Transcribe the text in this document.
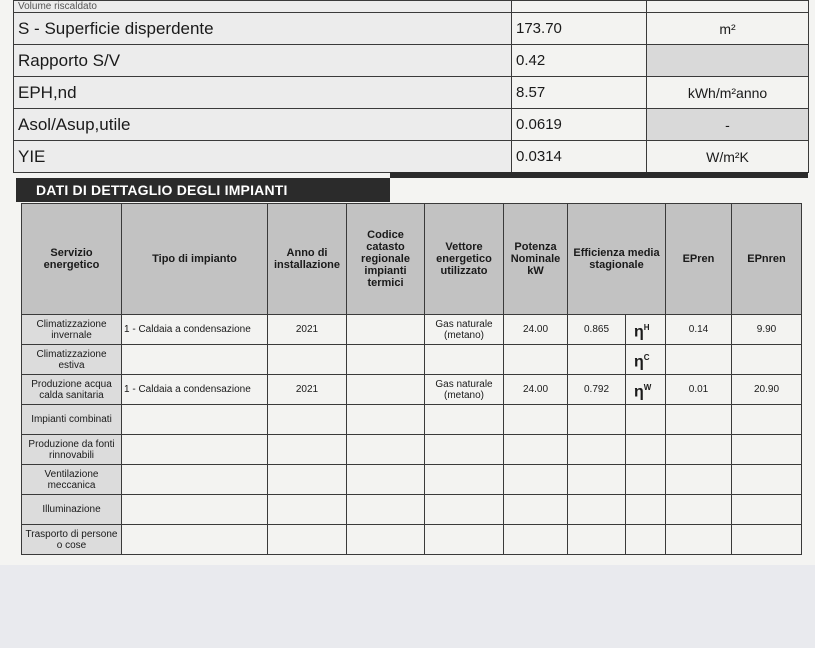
Volume riscaldato		
S - Superficie disperdente	173.70	m²
Rapporto S/V	0.42	
EPH,nd	8.57	kWh/m²anno
Asol/Asup,utile	0.0619	-
YIE	0.0314	W/m²K
DATI DI DETTAGLIO DEGLI IMPIANTI
Servizio energetico	Tipo di impianto	Anno di installazione	Codice catasto regionale impianti termici	Vettore energetico utilizzato	Potenza Nominale kW	Efficienza media stagionale		EPren	EPnren
Climatizzazione invernale	1 - Caldaia a condensazione	2021		Gas naturale (metano)	24.00	0.865	$\eta^H$	0.14	9.90
Climatizzazione estiva							$\eta^C$		
Produzione acqua calda sanitaria	1 - Caldaia a condensazione	2021		Gas naturale (metano)	24.00	0.792	$\eta^W$	0.01	20.90
Impianti combinati									
Produzione da fonti rinnovabili									
Ventilazione meccanica									
Illuminazione									
Trasporto di persone o cose									
